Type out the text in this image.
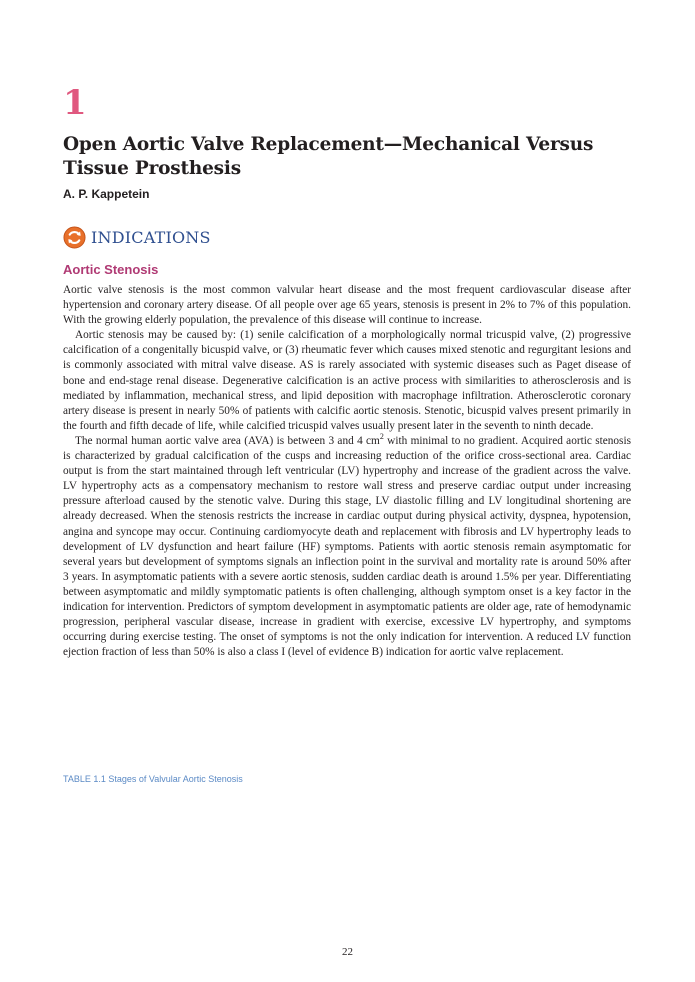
1
Open Aortic Valve Replacement—Mechanical Versus Tissue Prosthesis
A. P. Kappetein
INDICATIONS
Aortic Stenosis

Aortic valve stenosis is the most common valvular heart disease and the most frequent cardiovascular disease after hypertension and coronary artery disease. Of all people over age 65 years, stenosis is present in 2% to 7% of this population. With the growing elderly population, the prevalence of this disease will continue to increase.

Aortic stenosis may be caused by: (1) senile calcification of a morphologically normal tricuspid valve, (2) progressive calcification of a congenitally bicuspid valve, or (3) rheumatic fever which causes mixed stenotic and regurgitant lesions and is commonly associated with mitral valve disease. AS is rarely associated with systemic diseases such as Paget disease of bone and end-stage renal disease. Degenerative calcification is an active process with similarities to atherosclerosis and is mediated by inflammation, mechanical stress, and lipid deposition with macrophage infiltration. Atherosclerotic coronary artery disease is present in nearly 50% of patients with calcific aortic stenosis. Stenotic, bicuspid valves present primarily in the fourth and fifth decade of life, while calcified tricuspid valves usually present later in the seventh to ninth decade.

The normal human aortic valve area (AVA) is between 3 and 4 $cm^2$ with minimal to no gradient. Acquired aortic stenosis is characterized by gradual calcification of the cusps and increasing reduction of the orifice cross-sectional area. Cardiac output is from the start maintained through left ventricular (LV) hypertrophy and increase of the gradient across the valve. LV hypertrophy acts as a compensatory mechanism to restore wall stress and preserve cardiac output under increasing pressure afterload caused by the stenotic valve. During this stage, LV diastolic filling and LV longitudinal shortening are already decreased. When the stenosis restricts the increase in cardiac output during physical activity, dyspnea, hypotension, angina and syncope may occur. Continuing cardiomyocyte death and replacement with fibrosis and LV hypertrophy leads to development of LV dysfunction and heart failure (HF) symptoms. Patients with aortic stenosis remain asymptomatic for several years but development of symptoms signals an inflection point in the survival and mortality rate is around 50% after 3 years. In asymptomatic patients with a severe aortic stenosis, sudden cardiac death is around 1.5% per year. Differentiating between asymptomatic and mildly symptomatic patients is often challenging, although symptom onset is a key factor in the indication for intervention. Predictors of symptom development in asymptomatic patients are older age, rate of hemodynamic progression, peripheral vascular disease, increase in gradient with exercise, excessive LV hypertrophy, and symptoms occurring during exercise testing. The onset of symptoms is not the only indication for intervention. A reduced LV function ejection fraction of less than 50% is also a class I (level of evidence B) indication for aortic valve replacement.

TABLE 1.1 Stages of Valvular Aortic Stenosis
22
